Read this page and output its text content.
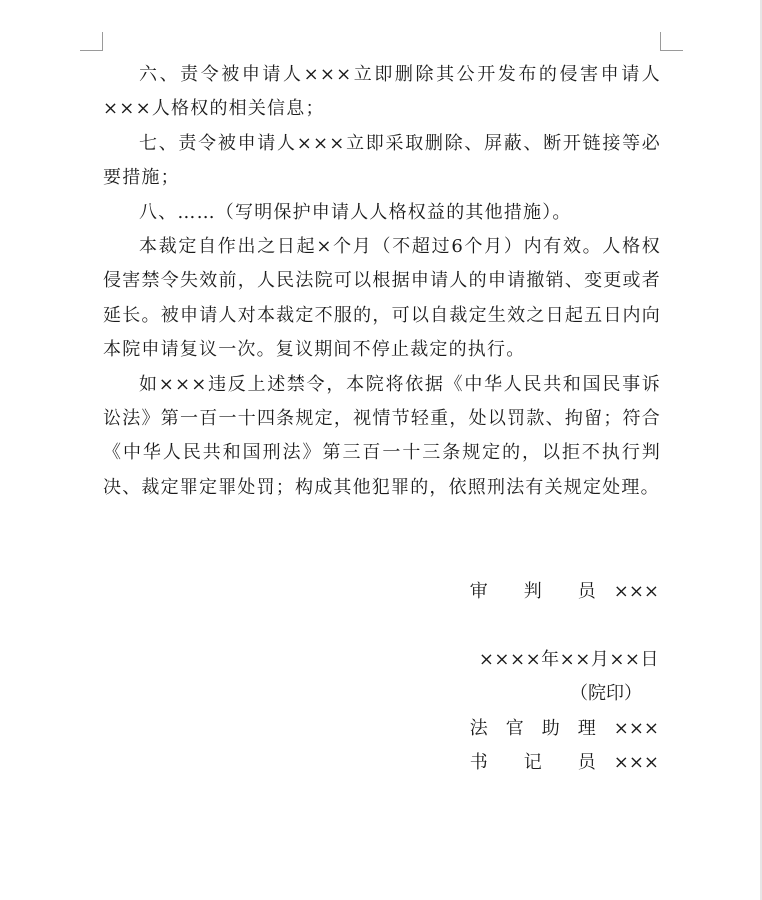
六、责令被申请人×××立即删除其公开发布的侵害申请人×××人格权的相关信息；

七、责令被申请人×××立即采取删除、屏蔽、断开链接等必要措施；

八、……（写明保护申请人人格权益的其他措施）。

本裁定自作出之日起×个月（不超过6个月）内有效。人格权侵害禁令失效前，人民法院可以根据申请人的申请撤销、变更或者延长。被申请人对本裁定不服的，可以自裁定生效之日起五日内向本院申请复议一次。复议期间不停止裁定的执行。

如×××违反上述禁令，本院将依据《中华人民共和国民事诉讼法》第一百一十四条规定，视情节轻重，处以罚款、拘留；符合《中华人民共和国刑法》第三百一十三条规定的，以拒不执行判决、裁定罪定罪处罚；构成其他犯罪的，依照刑法有关规定处理。

审　　判　　员　×××
××××年××月××日
（院印）
法　官　助　理　×××
书　　记　　员　×××
